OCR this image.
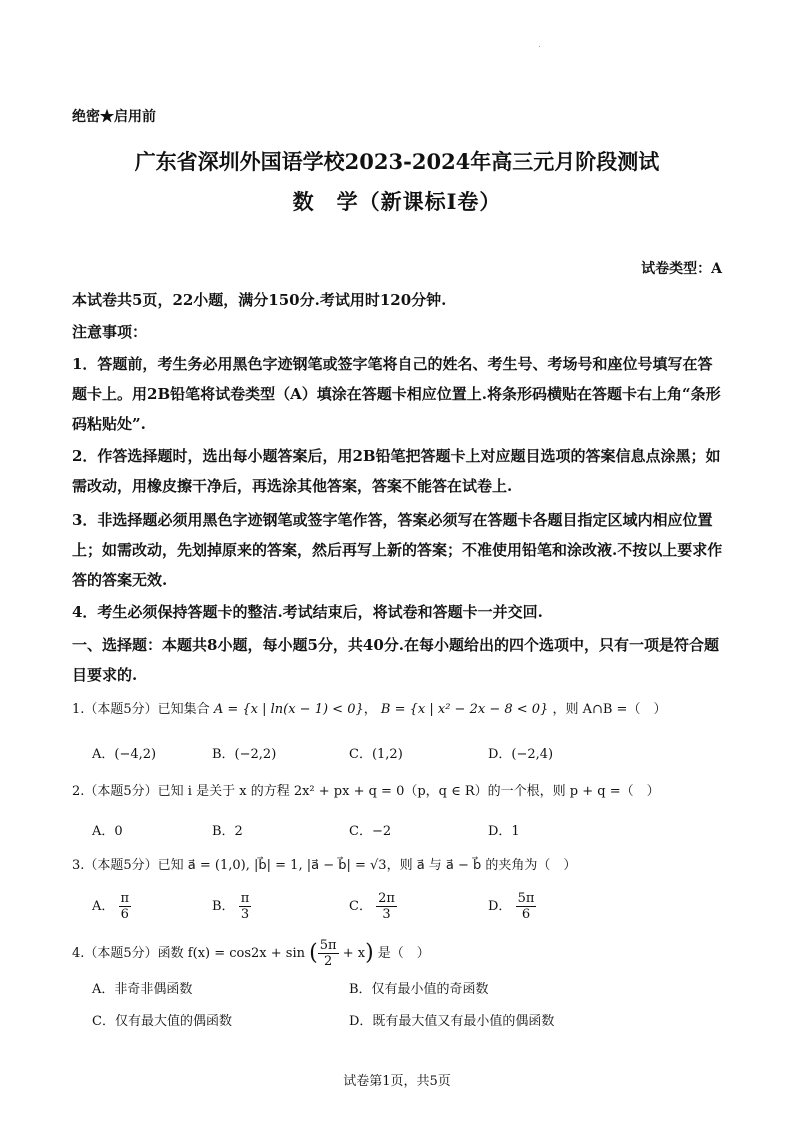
.
绝密★启用前
广东省深圳外国语学校2023-2024年高三元月阶段测试
数　学（新课标I卷）
试卷类型：A
本试卷共5页，22小题，满分150分.考试用时120分钟.
注意事项：
1．答题前，考生务必用黑色字迹钢笔或签字笔将自己的姓名、考生号、考场号和座位号填写在答题卡上。用2B铅笔将试卷类型（A）填涂在答题卡相应位置上.将条形码横贴在答题卡右上角“条形码粘贴处”.
2．作答选择题时，选出每小题答案后，用2B铅笔把答题卡上对应题目选项的答案信息点涂黑；如需改动，用橡皮擦干净后，再选涂其他答案，答案不能答在试卷上.
3．非选择题必须用黑色字迹钢笔或签字笔作答，答案必须写在答题卡各题目指定区域内相应位置上；如需改动，先划掉原来的答案，然后再写上新的答案；不准使用铅笔和涂改液.不按以上要求作答的答案无效.
4．考生必须保持答题卡的整洁.考试结束后，将试卷和答题卡一并交回.
一、选择题：本题共8小题，每小题5分，共40分.在每小题给出的四个选项中，只有一项是符合题目要求的.
1.（本题5分）已知集合 A = {x | ln(x − 1) < 0}， B = {x | x² − 2x − 8 < 0} ，则 A∩B =（　）
A．(−4,2)	B．(−2,2)	C．(1,2)	D．(−2,4)
2.（本题5分）已知 i 是关于 x 的方程 2x² + px + q = 0（p，q ∈ R）的一个根，则 p + q =（　）
A．0	B．2	C．−2	D．1
3.（本题5分）已知 a⃗ = (1,0), |b⃗| = 1, |a⃗ − b⃗| = √3，则 a⃗ 与 a⃗ − b⃗ 的夹角为（　）
A． $\frac{\pi}{6}$	B． $\frac{\pi}{3}$	C． $\frac{2\pi}{3}$	D． $\frac{5\pi}{6}$
4.（本题5分）函数 f(x) = cos2x + sin ( $\frac{5\pi}{2} + x$) 是（　）
A．非奇非偶函数	B．仅有最小值的奇函数
C．仅有最大值的偶函数	D．既有最大值又有最小值的偶函数
试卷第1页，共5页
